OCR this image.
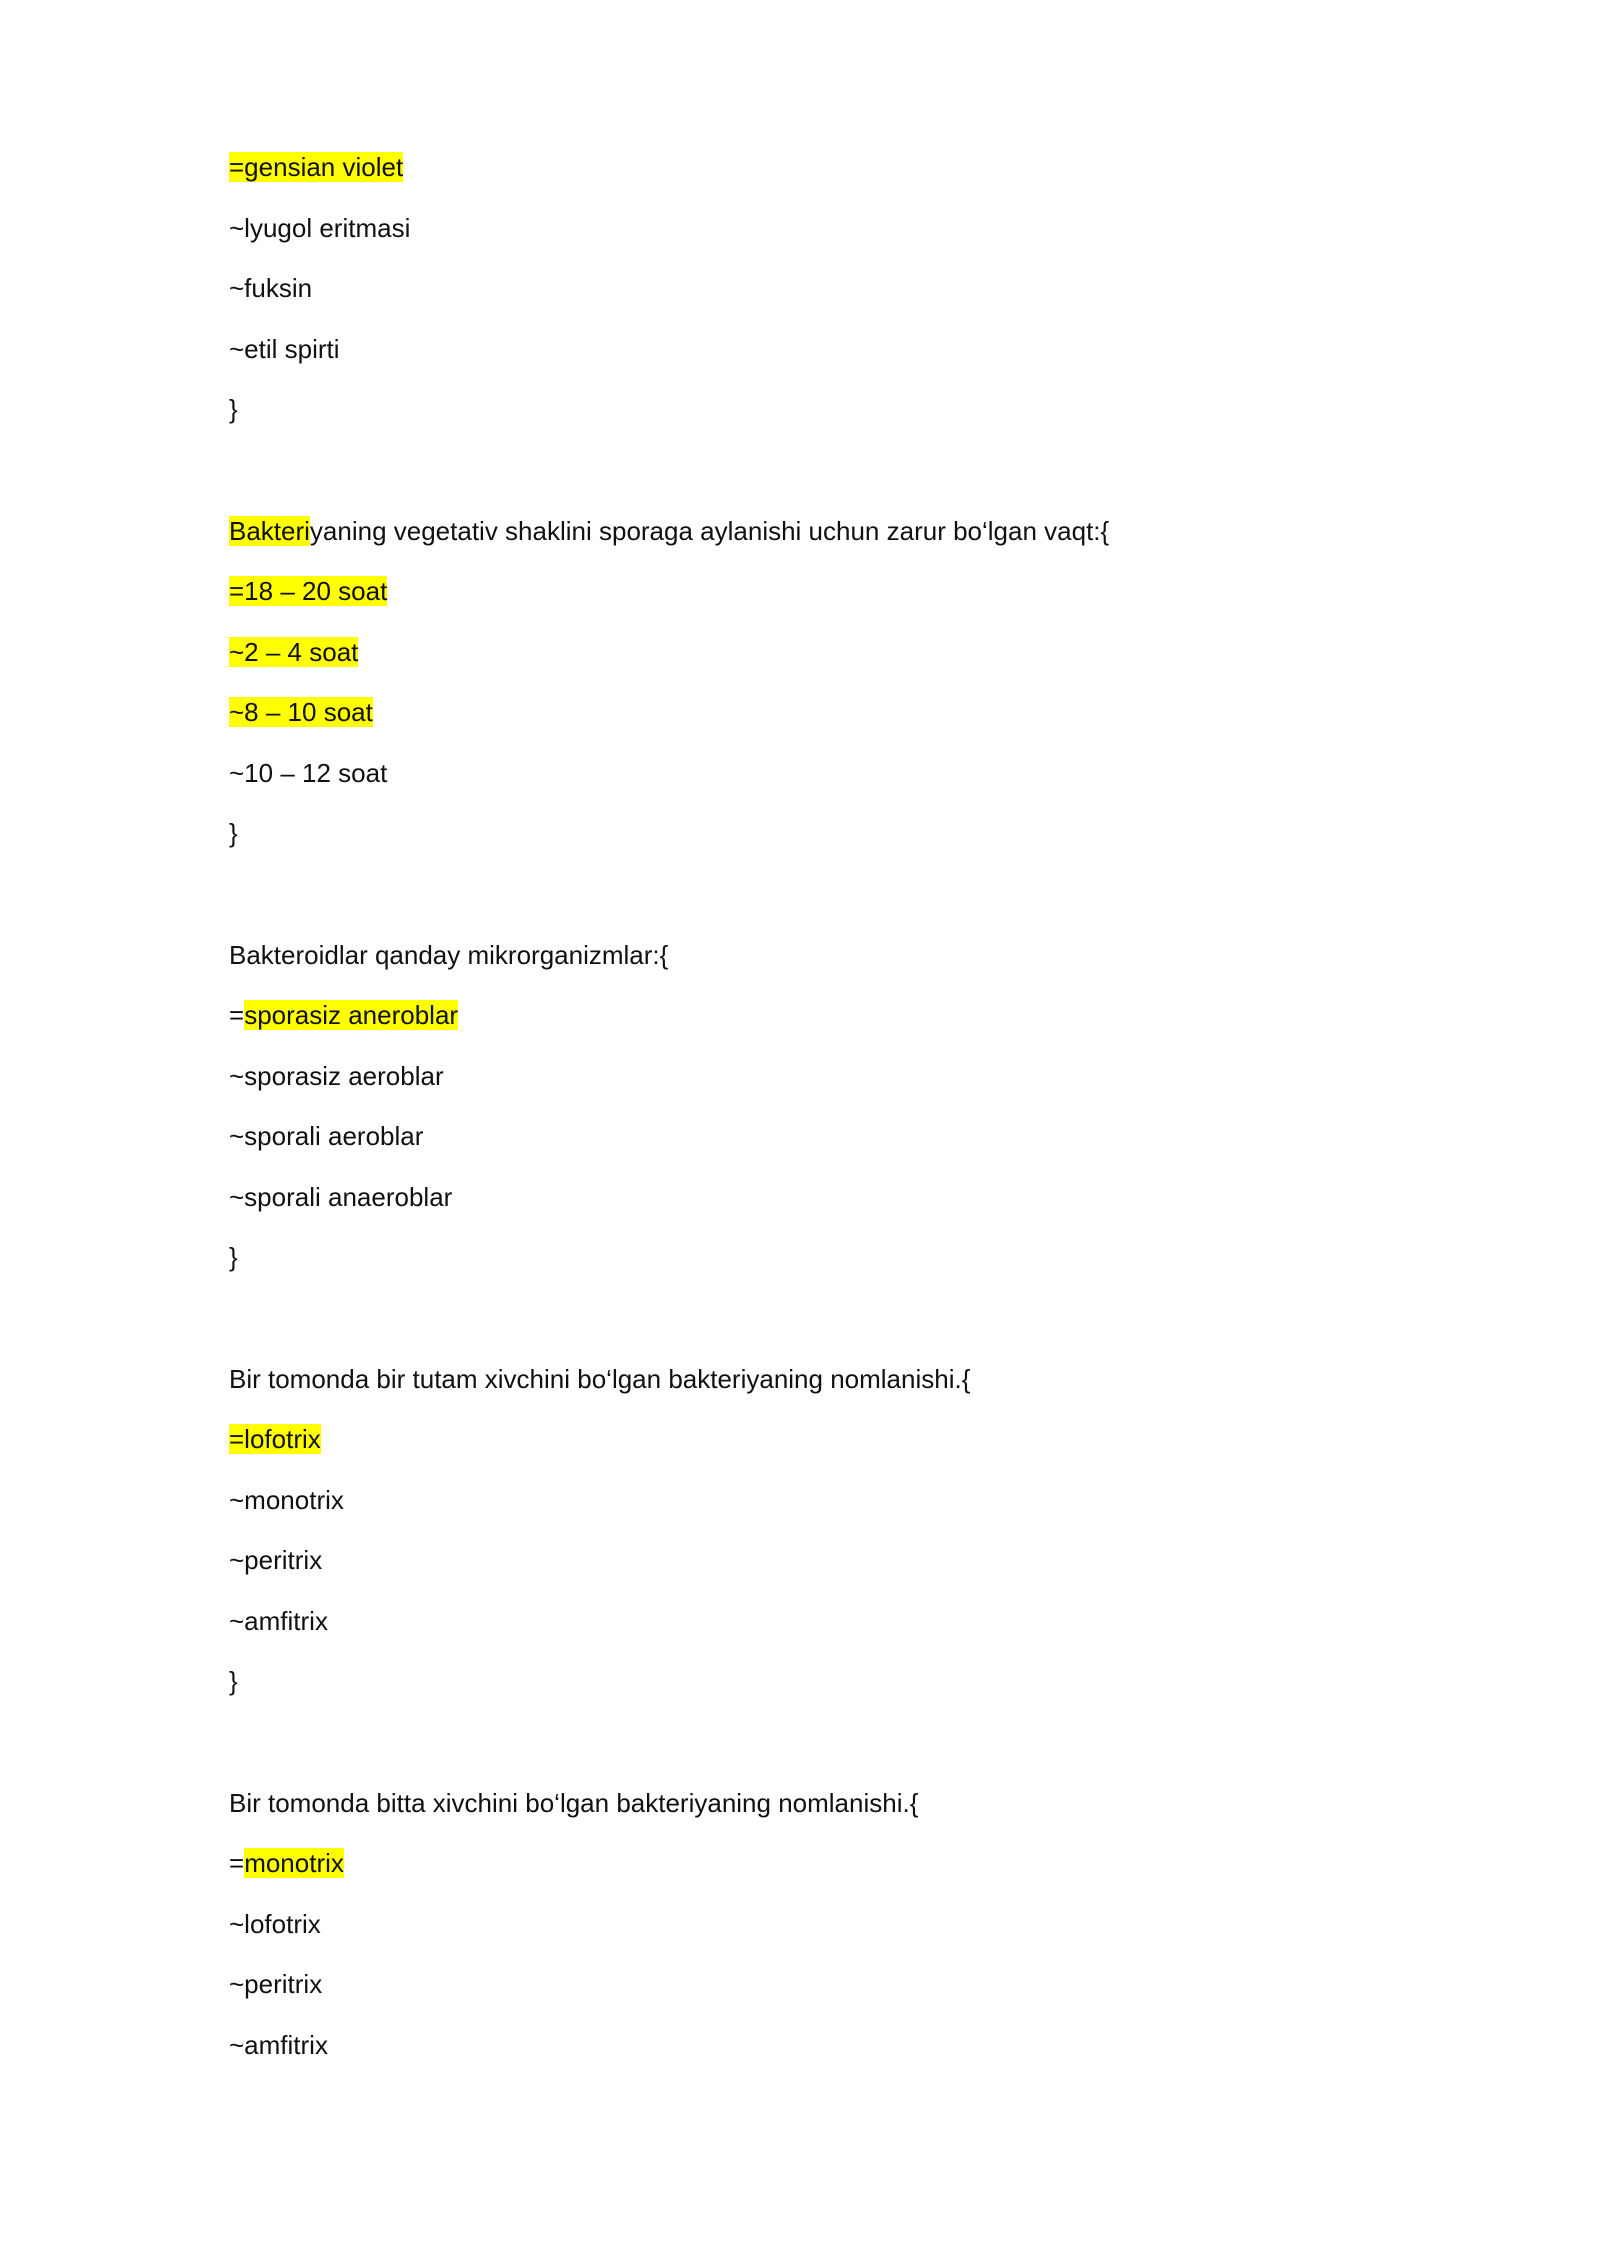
=gensian violet
~lyugol eritmasi
~fuksin
~etil spirti
}
Bakteriyaning vegetativ shaklini sporaga aylanishi uchun zarur bo‘lgan vaqt:{
=18 – 20 soat
~2 – 4 soat
~8 – 10 soat
~10 – 12 soat
}
Bakteroidlar qanday mikrorganizmlar:{
=sporasiz aneroblar
~sporasiz aeroblar
~sporali aeroblar
~sporali anaeroblar
}
Bir tomonda bir tutam xivchini bo‘lgan bakteriyaning nomlanishi.{
=lofotrix
~monotrix
~peritrix
~amfitrix
}
Bir tomonda bitta xivchini bo‘lgan bakteriyaning nomlanishi.{
=monotrix
~lofotrix
~peritrix
~amfitrix
